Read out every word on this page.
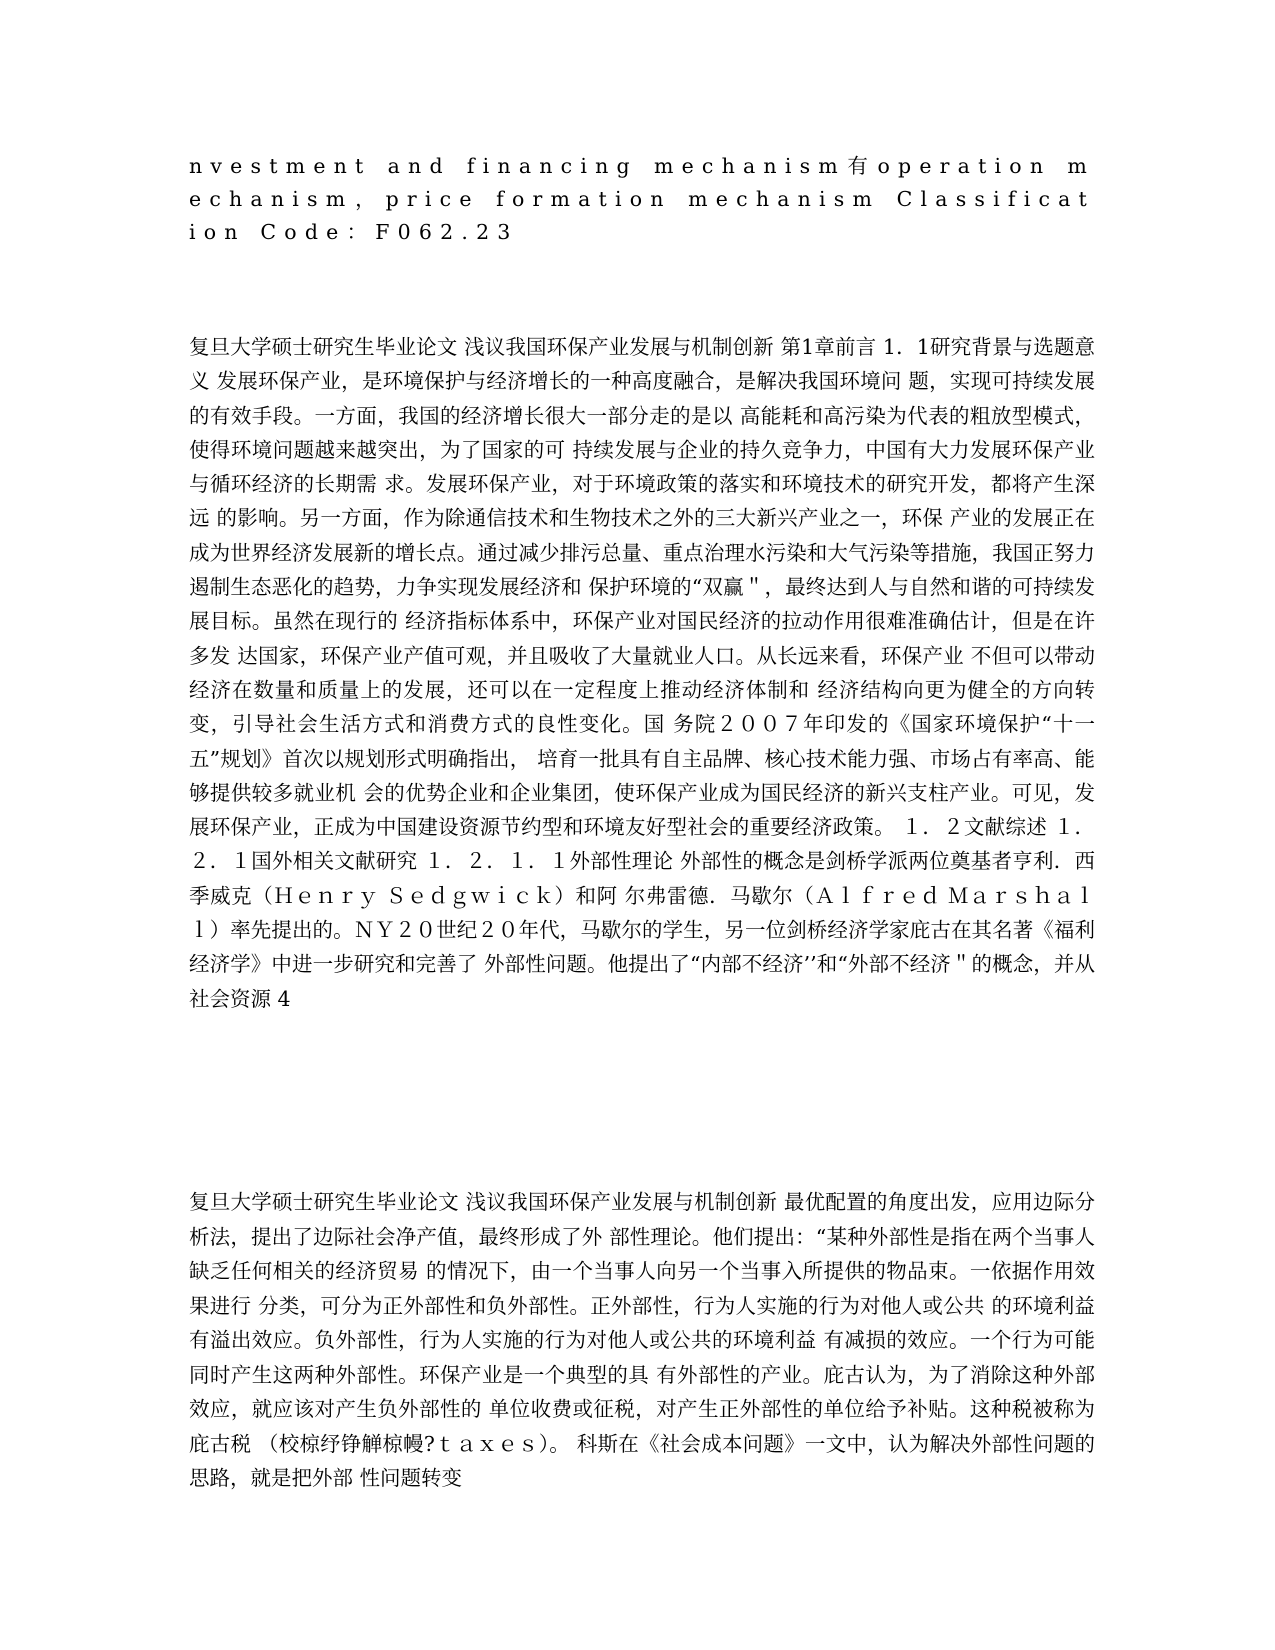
nvestment and financing mechanism有operation mechanism，price formation mechanism Classification Code：F062.23

复旦大学硕士研究生毕业论文 浅议我国环保产业发展与机制创新 第1章前言 1．1研究背景与选题意义 发展环保产业，是环境保护与经济增长的一种高度融合，是解决我国环境问 题，实现可持续发展的有效手段。一方面，我国的经济增长很大一部分走的是以 高能耗和高污染为代表的粗放型模式，使得环境问题越来越突出，为了国家的可 持续发展与企业的持久竞争力，中国有大力发展环保产业与循环经济的长期需 求。发展环保产业，对于环境政策的落实和环境技术的研究开发，都将产生深远 的影响。另一方面，作为除通信技术和生物技术之外的三大新兴产业之一，环保 产业的发展正在成为世界经济发展新的增长点。通过减少排污总量、重点治理水污染和大气污染等措施，我国正努力遏制生态恶化的趋势，力争实现发展经济和 保护环境的“双赢＂，最终达到人与自然和谐的可持续发展目标。虽然在现行的 经济指标体系中，环保产业对国民经济的拉动作用很难准确估计，但是在许多发 达国家，环保产业产值可观，并且吸收了大量就业人口。从长远来看，环保产业 不但可以带动经济在数量和质量上的发展，还可以在一定程度上推动经济体制和 经济结构向更为健全的方向转变，引导社会生活方式和消费方式的良性变化。国 务院２００７年印发的《国家环境保护“十一五”规划》首次以规划形式明确指出， 培育一批具有自主品牌、核心技术能力强、市场占有率高、能够提供较多就业机 会的优势企业和企业集团，使环保产业成为国民经济的新兴支柱产业。可见，发 展环保产业，正成为中国建设资源节约型和环境友好型社会的重要经济政策。 １．２文献综述 １．２．１国外相关文献研究 １．２．１．１外部性理论 外部性的概念是剑桥学派两位奠基者亨利．西季威克（Ｈｅｎｒｙ Ｓｅｄｇｗｉｃｋ）和阿 尔弗雷德．马歇尔（Ａｌｆｒｅｄ Ｍａｒｓｈａｌｌ）率先提出的。ＮＹ２０世纪２０年代，马歇尔的学生，另一位剑桥经济学家庇古在其名著《福利经济学》中进一步研究和完善了 外部性问题。他提出了“内部不经济’’和“外部不经济＂的概念，并从社会资源 4

复旦大学硕士研究生毕业论文 浅议我国环保产业发展与机制创新 最优配置的角度出发，应用边际分析法，提出了边际社会净产值，最终形成了外 部性理论。他们提出：“某种外部性是指在两个当事人缺乏任何相关的经济贸易 的情况下，由一个当事人向另一个当事入所提供的物品束。一依据作用效果进行 分类，可分为正外部性和负外部性。正外部性，行为人实施的行为对他人或公共 的环境利益有溢出效应。负外部性，行为人实施的行为对他人或公共的环境利益 有减损的效应。一个行为可能同时产生这两种外部性。环保产业是一个典型的具 有外部性的产业。庇古认为，为了消除这种外部效应，就应该对产生负外部性的 单位收费或征税，对产生正外部性的单位给予补贴。这种税被称为庇古税 （校椋纾铮觯椋幔?ｔａｘｅｓ）。 科斯在《社会成本问题》一文中，认为解决外部性问题的思路，就是把外部 性问题转变
